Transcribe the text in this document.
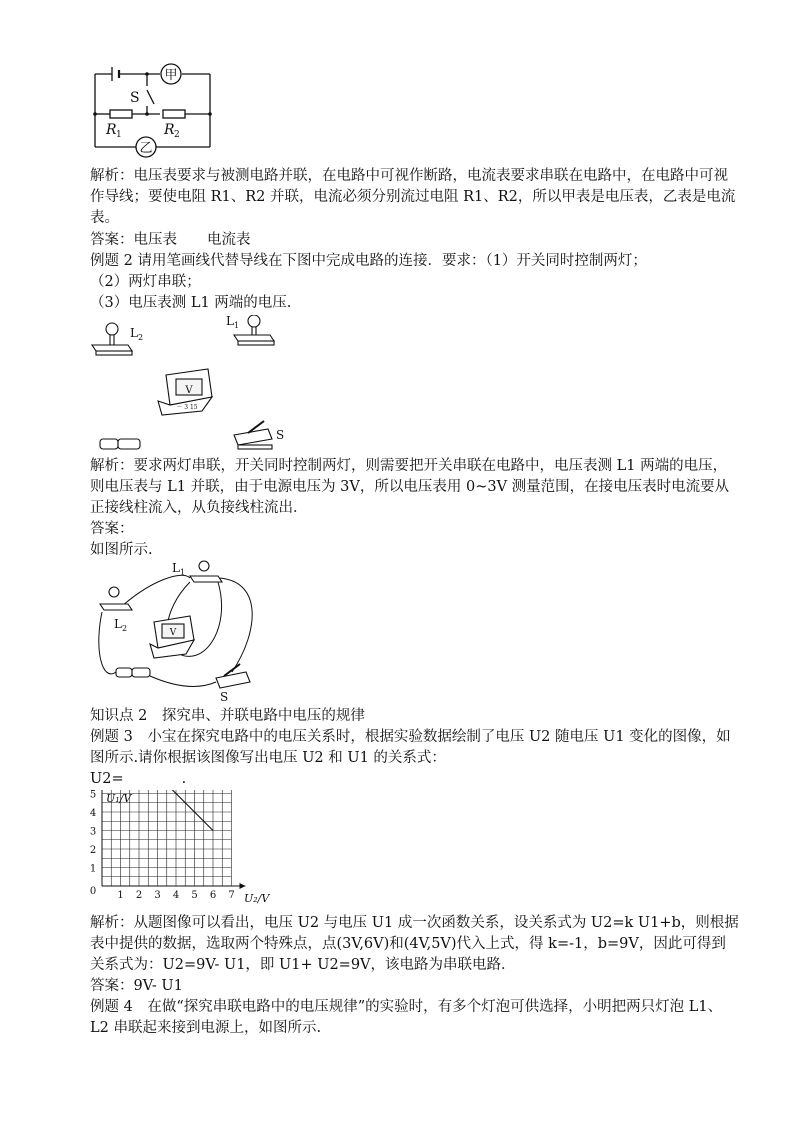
甲
乙
S
R 1	R 2

解析：电压表要求与被测电路并联，在电路中可视作断路，电流表要求串联在电路中，在电路中可视作导线；要使电阻 R1、R2 并联，电流必须分别流过电阻 R1、R2，所以甲表是电压表，乙表是电流表。

答案：电压表 电流表

例题 2 请用笔画线代替导线在下图中完成电路的连接．要求：（1）开关同时控制两灯；

（2）两灯串联；

（3）电压表测 L1 两端的电压.

L 2
L 1
V
－ 3 15
S

解析：要求两灯串联，开关同时控制两灯，则需要把开关串联在电路中，电压表测 L1 两端的电压，则电压表与 L1 并联，由于电源电压为 3V，所以电压表用 0~3V 测量范围，在接电压表时电流要从正接线柱流入，从负接线柱流出．

答案：

如图所示.

L 1
L 2	V
S

知识点 2　探究串、并联电路中电压的规律

例题 3　小宝在探究电路中的电压关系时，根据实验数据绘制了电压 U2 随电压 U1 变化的图像，如图所示.请你根据该图像写出电压 U2 和 U1 的关系式：

U2=　　　　.

1 2 3 4 5 6 7
0
1
2
3
4
5 U₁/V
U₂/V

解析：从题图像可以看出，电压 U2 与电压 U1 成一次函数关系，设关系式为 U2=k U1+b，则根据表中提供的数据，选取两个特殊点，点(3V,6V)和(4V,5V)代入上式，得 k=-1，b=9V，因此可得到关系式为：U2=9V- U1，即 U1+ U2=9V，该电路为串联电路．

答案：9V- U1

例题 4　在做“探究串联电路中的电压规律”的实验时，有多个灯泡可供选择，小明把两只灯泡 L1、L2 串联起来接到电源上，如图所示.
